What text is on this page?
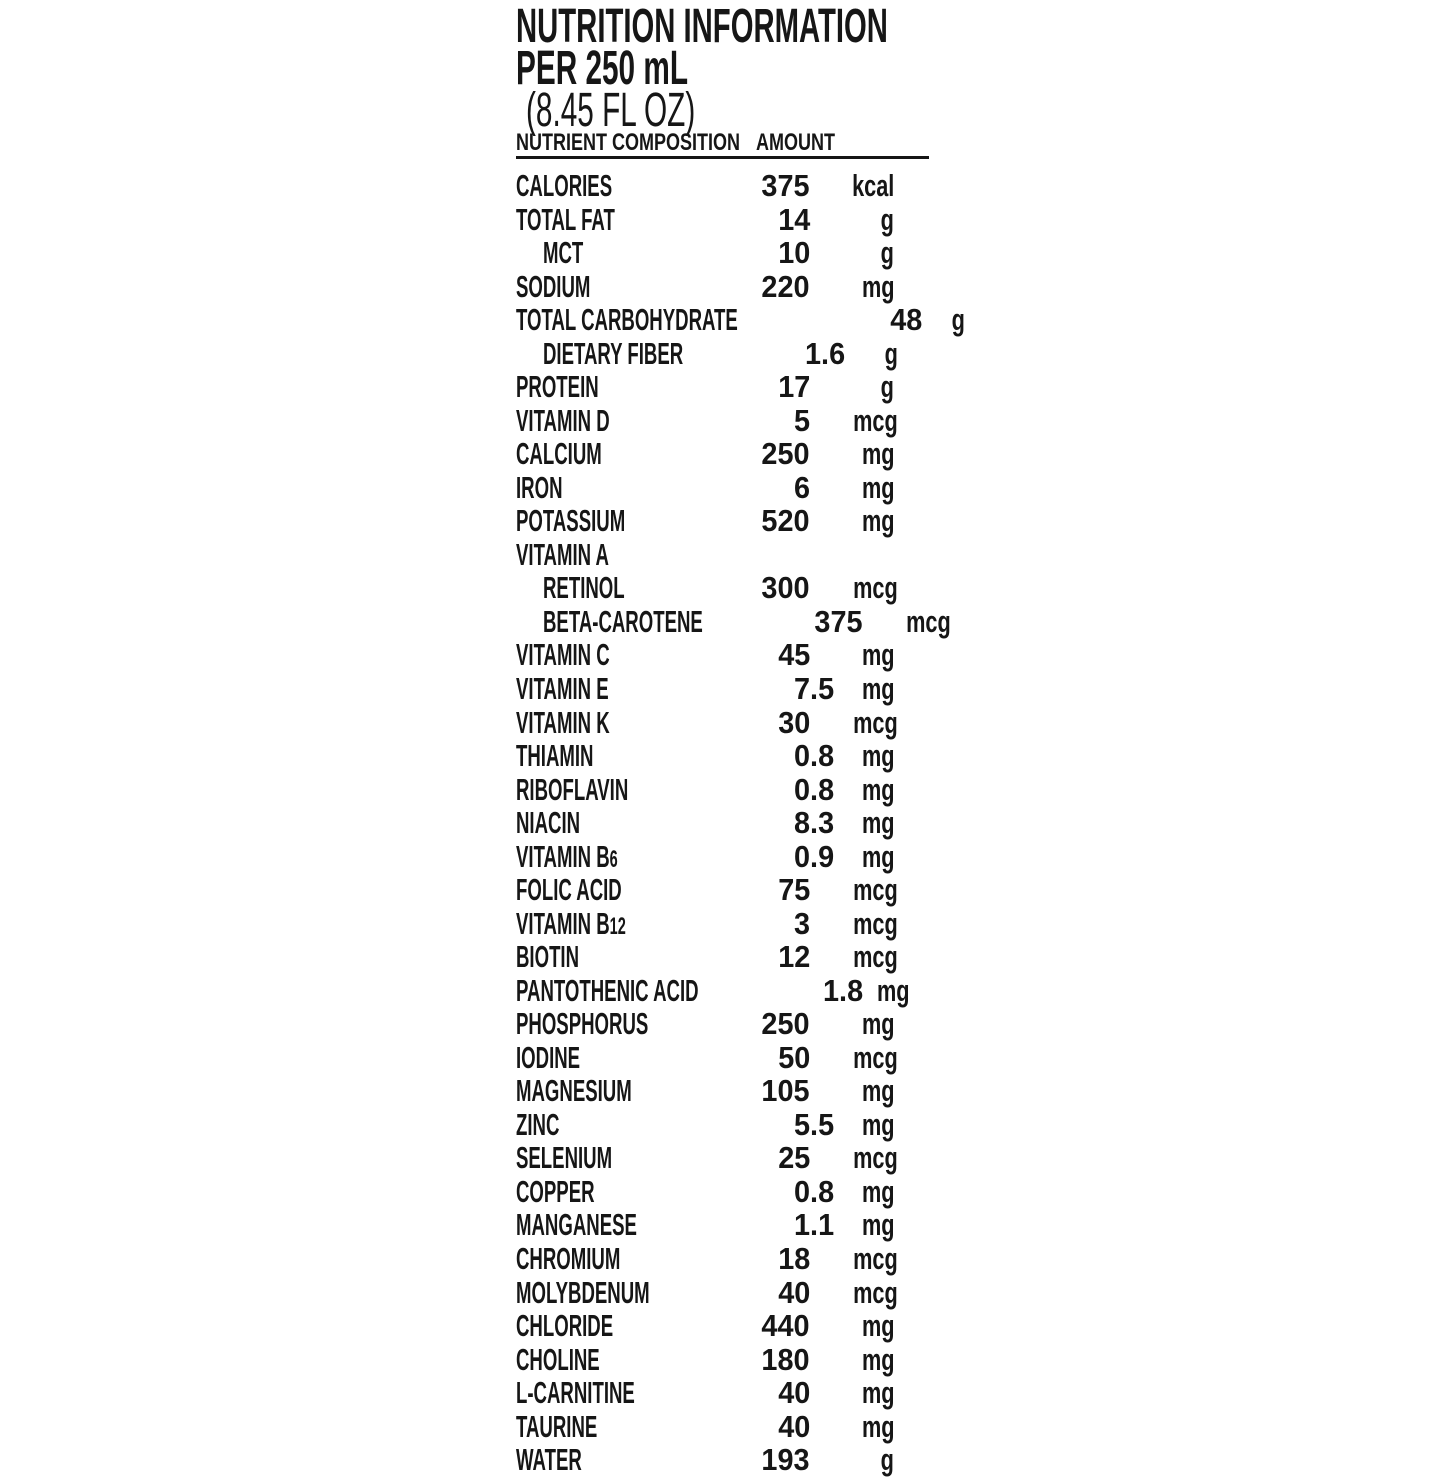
NUTRITION INFORMATION
PER 250 mL(8.45 FL OZ)
NUTRIENT COMPOSITION AMOUNT
CALORIES	375	kcal
TOTAL FAT	14	g
MCT	10	g
SODIUM	220	mg
TOTAL CARBOHYDRATE	48 g
DIETARY FIBER	1.6	g
PROTEIN	17	g
VITAMIN D	5	mcg
CALCIUM	250	mg
IRON	6	mg
POTASSIUM	520	mg
VITAMIN A
RETINOL	300	mcg
BETA-CAROTENE	375	mcg
VITAMIN C	45	mg
VITAMIN E	7.5 mg
VITAMIN K	30	mcg
THIAMIN	0.8 mg
RIBOFLAVIN	0.8 mg
NIACIN	8.3 mg
VITAMIN B6	0.9 mg
FOLIC ACID	75	mcg
VITAMIN B12	3	mcg
BIOTIN	12	mcg
PANTOTHENIC ACID	1.8 mg
PHOSPHORUS	250	mg
IODINE	50	mcg
MAGNESIUM	105	mg
ZINC	5.5 mg
SELENIUM	25	mcg
COPPER	0.8 mg
MANGANESE	1.1 mg
CHROMIUM	18	mcg
MOLYBDENUM	40	mcg
CHLORIDE	440	mg
CHOLINE	180	mg
L-CARNITINE	40	mg
TAURINE	40	mg
WATER	193	g
